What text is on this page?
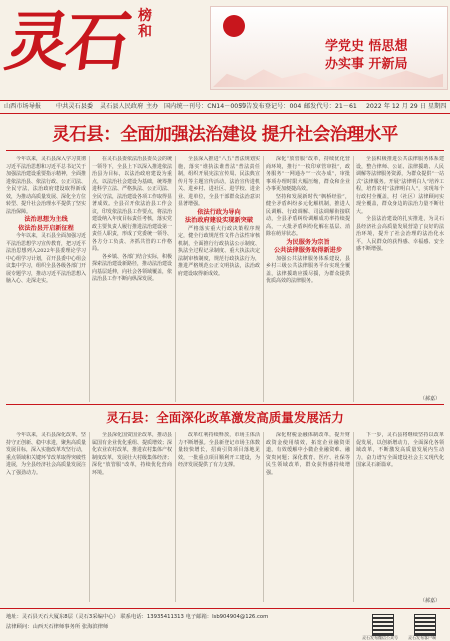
灵石 榜和
学党史 悟思想
办实事 开新局
山西市场导报 中共灵石县委 灵石县人民政府 主办 国内统一刊号：CN14－0059
广告发布登记号：004 邮发代号：21－61 2022 年 12 月 29 日 星期四
灵石县：全面加强法治建设 提升社会治理水平

今年以来，灵石县深入学习贯彻习近平法治思想和习近平总书记关于加强法治建设重要指示精神，全面推进依法治县、依法行政、公正司法、全民守法，法治政府建设取得新成效，为推动高质量发展、深化全方位转型、提升社会治理水平提供了坚实法治保障。

法治思想为主线
依法治县开启新征程

今年以来，灵石县全面加强习近平法治思想学习宣传教育，把习近平法治思想列入2022年县委理论学习中心组学习计划，召开县委中心组会议集中学习，组织全县各级各部门开展专题学习，推动习近平法治思想入脑入心、走深走实。

在灵石县委依法治县委员会的统一领导下，全县上下以深入推进依法治县为目标，以法治政府建设为重点，以法治社会建设为基础，统筹推进科学立法、严格执法、公正司法、全民守法，法治建设各项工作取得显著成效。全县召开依法治县工作会议，印发依法治县工作要点，将法治建设纳入年度目标责任考核，落实党政主要负责人履行推进法治建设第一责任人职责，形成了党委统一领导、各方分工负责、齐抓共管的工作格局。

各乡镇、各部门结合实际，积极探索法治建设新路径，推动法治建设向基层延伸，向社会各领域覆盖，依法治县工作不断向纵深发展。

全县深入推进“八五”普法规划实施，落实“谁执法谁普法”普法责任制，组织开展宪法宣传周、民法典宣传月等主题宣传活动，法治宣传进机关、进乡村、进社区、进学校、进企业、进单位，全县干部群众法治意识显著增强。

依法行政为导向
法治政府建设实现新突破

严格落实重大行政决策程序规定，健全行政规范性文件合法性审核机制，全面推行行政执法公示制度、执法全过程记录制度、重大执法决定法制审核制度，规范行政执法行为，推进严格规范公正文明执法，法治政府建设取得新成效。

深化“放管服”改革，持续优化营商环境，推行“一枚印章管审批”，政务服务“一网通办”“一次办成”，审批事项办理时限大幅压缩，群众和企业办事更加便捷高效。

坚持和发展新时代“枫桥经验”，健全矛盾纠纷多元化解机制，推进人民调解、行政调解、司法调解衔接联动，全县矛盾纠纷调解成功率持续提高，一大批矛盾纠纷化解在基层、消除在萌芽状态。

为民服务为宗旨
公共法律服务取得新进步

加强公共法律服务体系建设，县乡村三级公共法律服务平台实现全覆盖，法律援助应援尽援，为群众提供优质高效的法律服务。

全县积极推进公共法律服务体系建设，整合律师、公证、法律援助、人民调解等法律服务资源，为群众提供“一站式”法律服务。开展“法律明白人”培养工程，培育农村“法律明白人”，实现每个行政村全覆盖，村（社区）法律顾问实现全覆盖，群众身边的法治力量不断壮大。

全县法治建设的扎实推进，为灵石县经济社会高质量发展营造了良好的法治环境，提升了社会治理的法治化水平，人民群众的获得感、幸福感、安全感不断增强。

（郝嘉）
灵石县：全面深化改革激发高质量发展活力

今年以来，灵石县深化改革，坚持守正创新、稳中求进，聚焦高质量发展目标，深入实施改革攻坚行动，重点领域和关键环节改革取得突破性进展，为全县经济社会高质量发展注入了强劲动力。

全县深化国资国企改革，推动县属国有企业优化重组、提质增效；深化农业农村改革，推进农村集体产权制度改革，发展壮大村级集体经济；深化“放管服”改革，持续优化营商环境。

改革红利持续释放，市场主体活力不断增强。全县新登记市场主体数量较快增长，招商引资项目落地见效，一批重点项目顺利开工建设，为经济发展提供了有力支撑。

深化财税金融体制改革，提升财政资金使用绩效，拓宽企业融资渠道，有效缓解中小微企业融资难、融资贵问题；深化教育、医疗、社保等民生领域改革，群众获得感持续增强。

下一步，灵石县将继续坚持以改革促发展，以创新增动力，全面深化各领域改革，不断激发高质量发展内生动力，奋力谱写全面建设社会主义现代化国家灵石新篇章。

（郝嘉）
地址：灵石县天石大厦东8层（灵石3采编中心） 联系电话：13935411313 电子邮箱：lsb904904@126.com
法律顾问：山西天石律师事务所 张海滨律师
灵石发布微信公众号	灵石发布客户端
